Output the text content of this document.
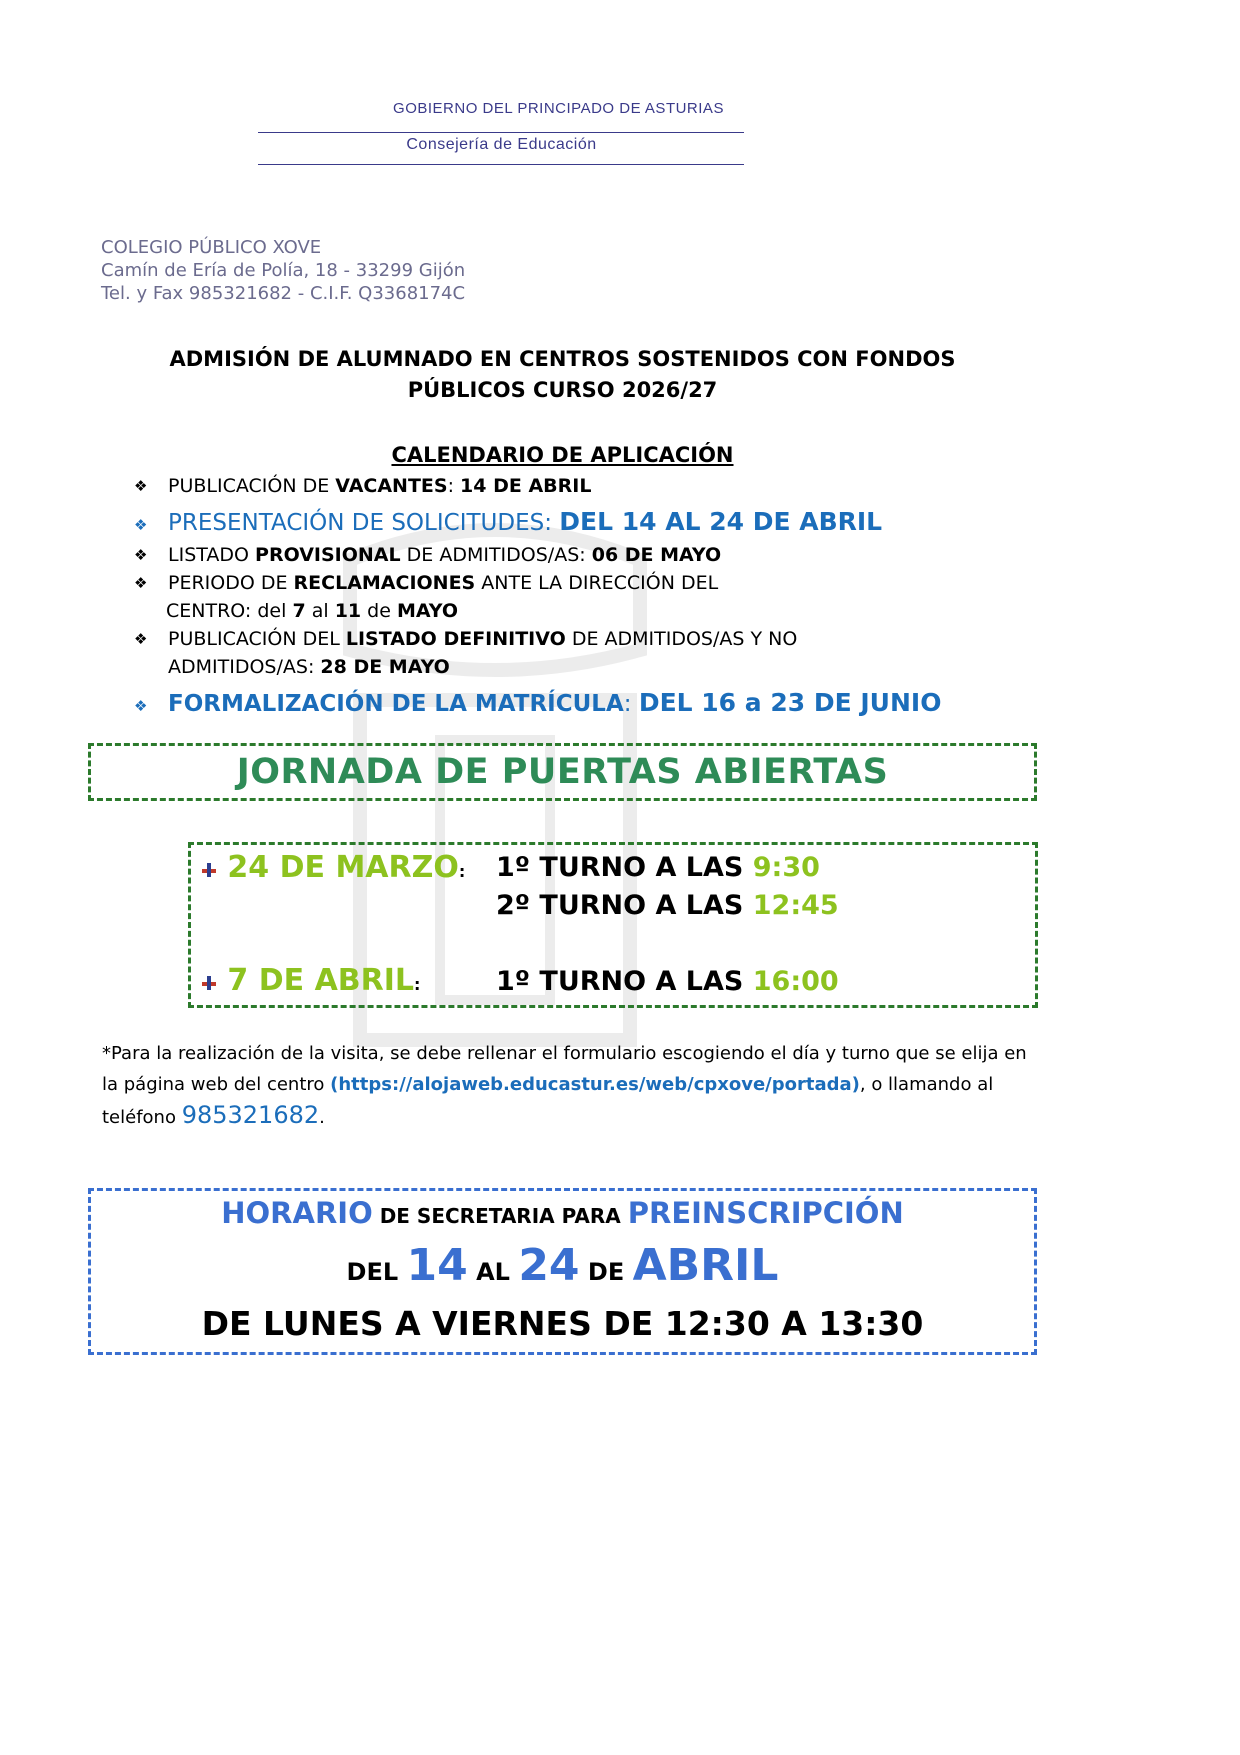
GOBIERNO DEL PRINCIPADO DE ASTURIAS
Consejería de Educación
COLEGIO PÚBLICO XOVE
Camín de Ería de Polía, 18 - 33299 Gijón
Tel. y Fax 985321682 - C.I.F. Q3368174C
ADMISIÓN DE ALUMNADO EN CENTROS SOSTENIDOS CON FONDOS
PÚBLICOS CURSO 2026/27
CALENDARIO DE APLICACIÓN
❖ PUBLICACIÓN DE VACANTES: 14 DE ABRIL
❖ PRESENTACIÓN DE SOLICITUDES: DEL 14 AL 24 DE ABRIL
❖ LISTADO PROVISIONAL DE ADMITIDOS/AS: 06 DE MAYO
❖ PERIODO DE RECLAMACIONES ANTE LA DIRECCIÓN DEL
CENTRO: del 7 al 11 de MAYO
❖ PUBLICACIÓN DEL LISTADO DEFINITIVO DE ADMITIDOS/AS Y NO
ADMITIDOS/AS: 28 DE MAYO
❖ FORMALIZACIÓN DE LA MATRÍCULA: DEL 16 a 23 DE JUNIO
JORNADA DE PUERTAS ABIERTAS
24 DE MARZO: 1º TURNO A LAS 9:30
2º TURNO A LAS 12:45
7 DE ABRIL:	1º TURNO A LAS 16:00
*Para la realización de la visita, se debe rellenar el formulario escogiendo el día y turno que se elija en la página web del centro (https://alojaweb.educastur.es/web/cpxove/portada), o llamando al teléfono 985321682.
HORARIO DE SECRETARIA PARA PREINSCRIPCIÓN
DEL 14 AL 24 DE ABRIL
DE LUNES A VIERNES DE 12:30 A 13:30
